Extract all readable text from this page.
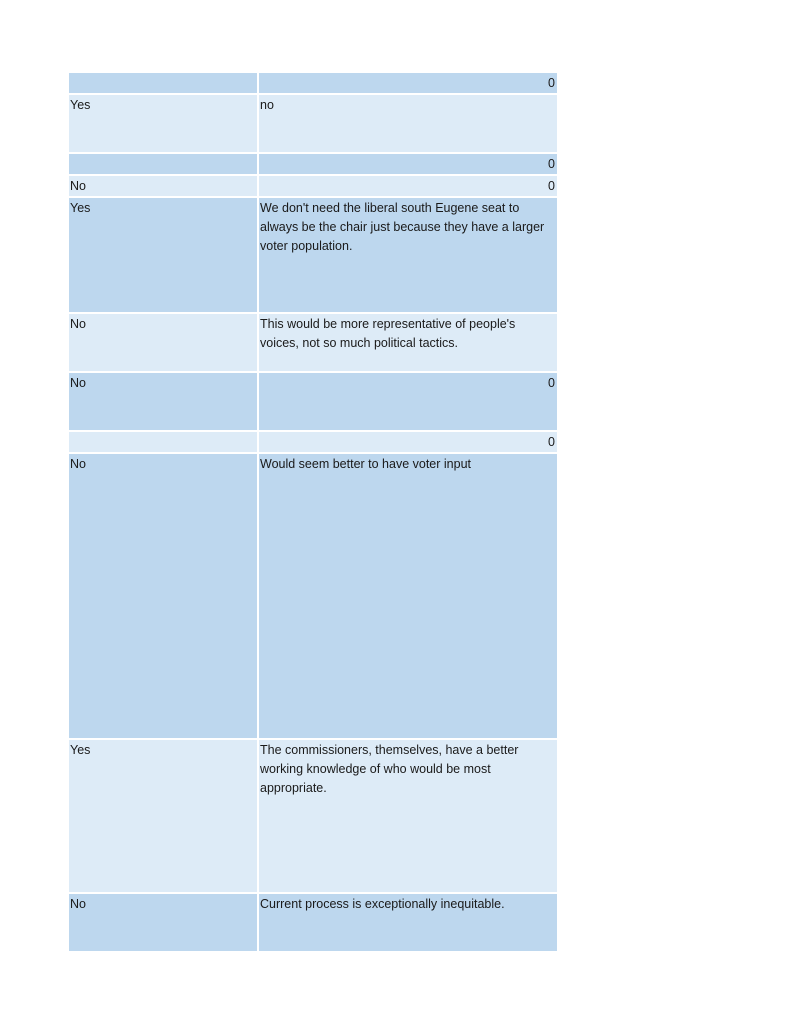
	0
Yes	no
	0
No	0
Yes	We don't need the liberal south Eugene seat to always be the chair just because they have a larger voter population.
No	This would be more representative of people's voices, not so much political tactics.
No	0
	0
No	Would seem better to have voter input
Yes	The commissioners, themselves, have a better working knowledge of who would be most appropriate.
No	Current process is exceptionally inequitable.
